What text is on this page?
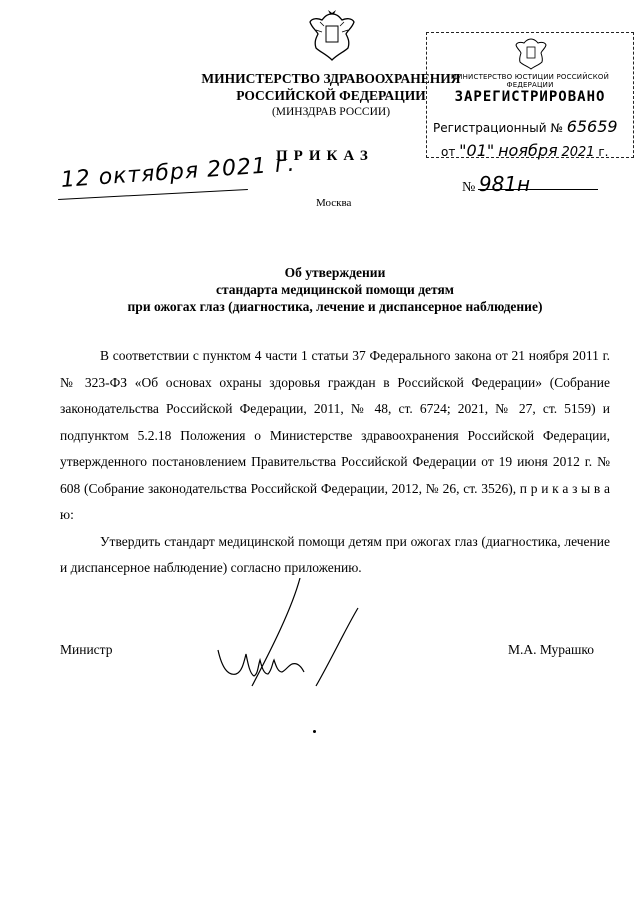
МИНИСТЕРСТВО ЗДРАВООХРАНЕНИЯ
РОССИЙСКОЙ ФЕДЕРАЦИИ
(МИНЗДРАВ РОССИИ)
МИНИСТЕРСТВО ЮСТИЦИИ РОССИЙСКОЙ ФЕДЕРАЦИИ
ЗАРЕГИСТРИРОВАНО
Регистрационный № 65659
от "01" ноября 2021 г.
ПРИКАЗ
12 октября 2021 г.	№ 981н
Москва
Об утверждении
стандарта медицинской помощи детям
при ожогах глаз (диагностика, лечение и диспансерное наблюдение)

В соответствии с пунктом 4 части 1 статьи 37 Федерального закона от 21 ноября 2011 г. № 323-ФЗ «Об основах охраны здоровья граждан в Российской Федерации» (Собрание законодательства Российской Федерации, 2011, № 48, ст. 6724; 2021, № 27, ст. 5159) и подпунктом 5.2.18 Положения о Министерстве здравоохранения Российской Федерации, утвержденного постановлением Правительства Российской Федерации от 19 июня 2012 г. № 608 (Собрание законодательства Российской Федерации, 2012, № 26, ст. 3526), п р и к а з ы в а ю:

Утвердить стандарт медицинской помощи детям при ожогах глаз (диагностика, лечение и диспансерное наблюдение) согласно приложению.

Министр	М.А. Мурашко
